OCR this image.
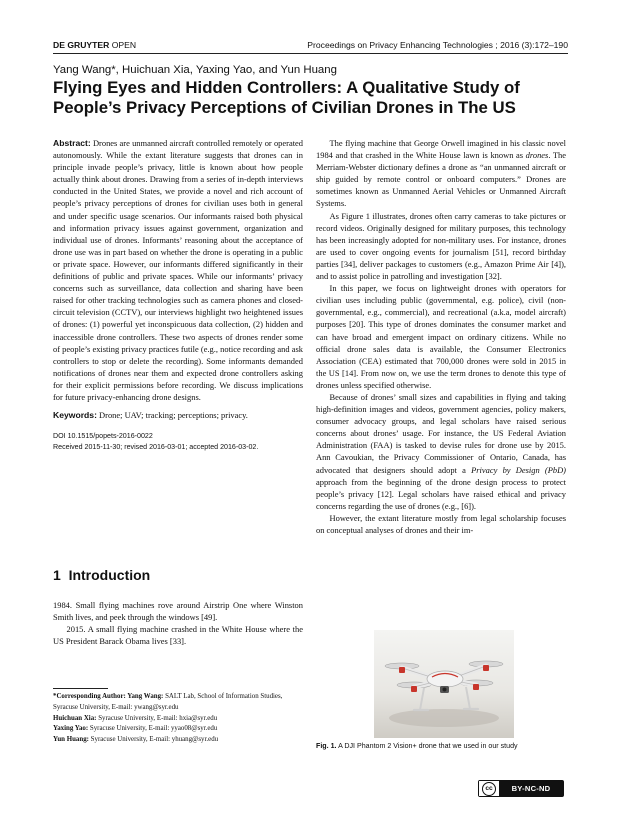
DE GRUYTER OPEN	Proceedings on Privacy Enhancing Technologies ; 2016 (3):172–190
Yang Wang*, Huichuan Xia, Yaxing Yao, and Yun Huang
Flying Eyes and Hidden Controllers: A Qualitative Study of People’s Privacy Perceptions of Civilian Drones in The US

Abstract: Drones are unmanned aircraft controlled remotely or operated autonomously. While the extant literature suggests that drones can in principle invade people’s privacy, little is known about how people actually think about drones. Drawing from a series of in-depth interviews conducted in the United States, we provide a novel and rich account of people’s privacy perceptions of drones for civilian uses both in general and under specific usage scenarios. Our informants raised both physical and information privacy issues against government, organization and individual use of drones. Informants’ reasoning about the acceptance of drone use was in part based on whether the drone is operating in a public or private space. However, our informants differed significantly in their definitions of public and private spaces. While our informants’ privacy concerns such as surveillance, data collection and sharing have been raised for other tracking technologies such as camera phones and closed-circuit television (CCTV), our interviews highlight two heightened issues of drones: (1) powerful yet inconspicuous data collection, (2) hidden and inaccessible drone controllers. These two aspects of drones render some of people’s existing privacy practices futile (e.g., notice recording and ask controllers to stop or delete the recording). Some informants demanded notifications of drones near them and expected drone controllers asking for their explicit permissions before recording. We discuss implications for future privacy-enhancing drone designs.

Keywords: Drone; UAV; tracking; perceptions; privacy.

DOI 10.1515/popets-2016-0022

Received 2015-11-30; revised 2016-03-01; accepted 2016-03-02.

1 Introduction

1984. Small flying machines rove around Airstrip One where Winston Smith lives, and peek through the windows [49].

2015. A small flying machine crashed in the White House where the US President Barack Obama lives [33].

*Corresponding Author: Yang Wang: SALT Lab, School of Information Studies, Syracuse University, E-mail: ywang@syr.edu

Huichuan Xia: Syracuse University, E-mail: hxia@syr.edu

Yaxing Yao: Syracuse University, E-mail: yyao08@syr.edu

Yun Huang: Syracuse University, E-mail: yhuang@syr.edu

The flying machine that George Orwell imagined in his classic novel 1984 and that crashed in the White House lawn is known as drones. The Merriam-Webster dictionary defines a drone as “an unmanned aircraft or ship guided by remote control or onboard computers.” Drones are sometimes known as Unmanned Aerial Vehicles or Unmanned Aircraft Systems.

As Figure 1 illustrates, drones often carry cameras to take pictures or record videos. Originally designed for military purposes, this technology has been increasingly adopted for non-military uses. For instance, drones are used to cover ongoing events for journalism [51], record birthday parties [34], deliver packages to customers (e.g., Amazon Prime Air [4]), and to assist police in patrolling and investigation [32].

In this paper, we focus on lightweight drones with operators for civilian uses including public (governmental, e.g. police), civil (non-governmental, e.g., commercial), and recreational (a.k.a, model aircraft) purposes [20]. This type of drones dominates the consumer market and can have broad and emergent impact on ordinary citizens. While no official drone sales data is available, the Consumer Electronics Association (CEA) estimated that 700,000 drones were sold in 2015 in the US [14]. From now on, we use the term drones to denote this type of drones unless specified otherwise.

Because of drones’ small sizes and capabilities in flying and taking high-definition images and videos, government agencies, policy makers, consumer advocacy groups, and legal scholars have raised serious concerns about drones’ usage. For instance, the US Federal Aviation Administration (FAA) is tasked to devise rules for drone use by 2015. Ann Cavoukian, the Privacy Commissioner of Ontario, Canada, has advocated that designers should adopt a Privacy by Design (PbD) approach from the beginning of the drone design process to protect people’s privacy [12]. Legal scholars have raised ethical and privacy concerns regarding the use of drones (e.g., [6]).

However, the extant literature mostly from legal scholarship focuses on conceptual analyses of drones and their im-

Fig. 1. A DJI Phantom 2 Vision+ drone that we used in our study
cc	BY-NC-ND
